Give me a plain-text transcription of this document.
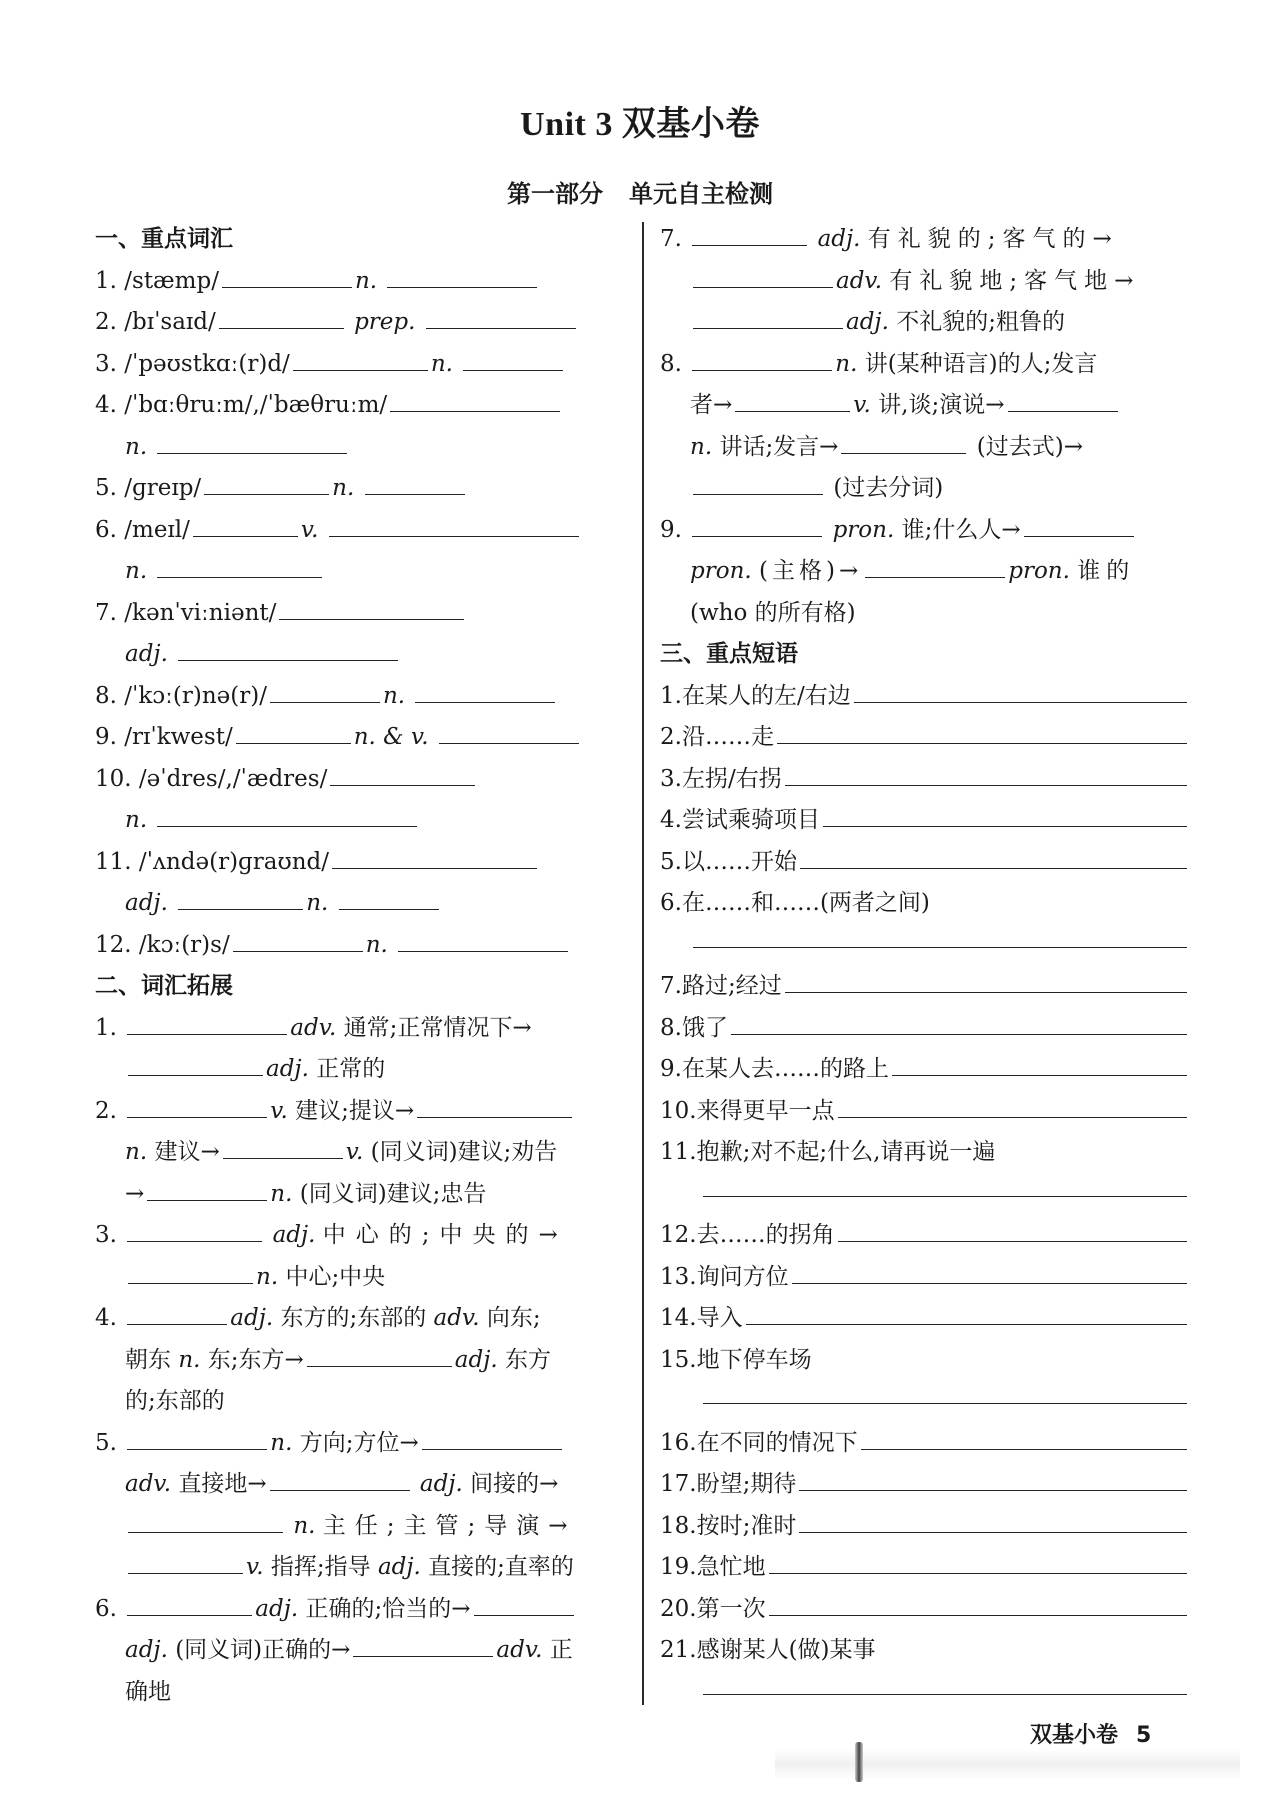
Unit 3 双基小卷
第一部分 单元自主检测
一、重点词汇
1. /stæmp/	n.
2. /bɪˈsaɪd/	prep.
3. /ˈpəʊstkɑː(r)d/	n.
4. /ˈbɑːθruːm/,/ˈbæθruːm/
n.
5. /ɡreɪp/	n.
6. /meɪl/	v.
n.
7. /kənˈviːniənt/
adj.
8. /ˈkɔː(r)nə(r)/	n.
9. /rɪˈkwest/	n. & v.
10. /əˈdres/,/ˈædres/
n.
11. /ˈʌndə(r)ɡraʊnd/
adj.	n.
12. /kɔː(r)s/	n.
二、词汇拓展
1.	adv. 通常;正常情况下→
adj. 正常的
2.	v. 建议;提议→
n. 建议→	v. (同义词)建议;劝告
→	n. (同义词)建议;忠告
3.	adj. 中心的;中央的→
n. 中心;中央
4.	adj. 东方的;东部的 adv. 向东;
朝东 n. 东;东方→	adj. 东方
的;东部的
5.	n. 方向;方位→
adv. 直接地→	adj. 间接的→
n. 主任;主管;导演→
v. 指挥;指导 adj. 直接的;直率的
6.	adj. 正确的;恰当的→
adj. (同义词)正确的→	adv. 正
确地
7.	adj. 有礼貌的;客气的→
adv. 有礼貌地;客气地→
adj. 不礼貌的;粗鲁的
8.	n. 讲(某种语言)的人;发言
者→	v. 讲,谈;演说→
n. 讲话;发言→	(过去式)→
(过去分词)
9.	pron. 谁;什么人→
pron. (主格)→	pron. 谁的
(who 的所有格)
三、重点短语
1. 在某人的左/右边
2. 沿……走
3. 左拐/右拐
4. 尝试乘骑项目
5. 以……开始
6. 在……和……(两者之间)
7. 路过;经过
8. 饿了
9. 在某人去……的路上
10. 来得更早一点
11. 抱歉;对不起;什么,请再说一遍
12. 去……的拐角
13. 询问方位
14. 导入
15. 地下停车场
16. 在不同的情况下
17. 盼望;期待
18. 按时;准时
19. 急忙地
20. 第一次
21. 感谢某人(做)某事
双基小卷 5
